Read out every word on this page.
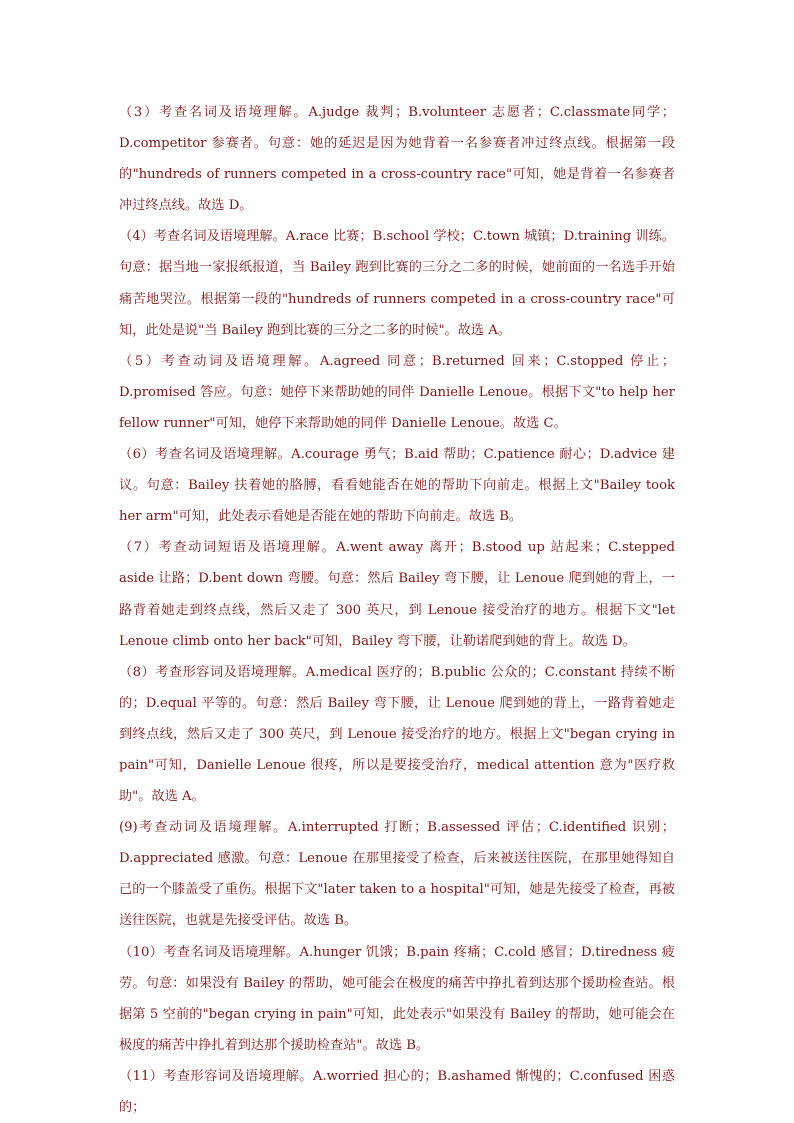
（3）考查名词及语境理解。A.judge 裁判；B.volunteer 志愿者；C.classmate同学；D.competitor 参赛者。句意：她的延迟是因为她背着一名参赛者冲过终点线。根据第一段的"hundreds of runners competed in a cross-country race"可知，她是背着一名参赛者冲过终点线。故选 D。

（4）考查名词及语境理解。A.race 比赛；B.school 学校；C.town 城镇；D.training 训练。句意：据当地一家报纸报道，当 Bailey 跑到比赛的三分之二多的时候，她前面的一名选手开始痛苦地哭泣。根据第一段的"hundreds of runners competed in a cross-country race"可知，此处是说"当 Bailey 跑到比赛的三分之二多的时候"。故选 A。

（5）考查动词及语境理解。A.agreed 同意；B.returned 回来；C.stopped 停止；D.promised 答应。句意：她停下来帮助她的同伴 Danielle Lenoue。根据下文"to help her fellow runner"可知，她停下来帮助她的同伴 Danielle Lenoue。故选 C。

（6）考查名词及语境理解。A.courage 勇气；B.aid 帮助；C.patience 耐心；D.advice 建议。句意：Bailey 扶着她的胳膊，看看她能否在她的帮助下向前走。根据上文"Bailey took her arm"可知，此处表示看她是否能在她的帮助下向前走。故选 B。

（7）考查动词短语及语境理解。A.went away 离开；B.stood up 站起来；C.stepped aside 让路；D.bent down 弯腰。句意：然后 Bailey 弯下腰，让 Lenoue 爬到她的背上，一路背着她走到终点线，然后又走了 300 英尺，到 Lenoue 接受治疗的地方。根据下文"let Lenoue climb onto her back"可知，Bailey 弯下腰，让勒诺爬到她的背上。故选 D。

（8）考查形容词及语境理解。A.medical 医疗的；B.public 公众的；C.constant 持续不断的；D.equal 平等的。句意：然后 Bailey 弯下腰，让 Lenoue 爬到她的背上，一路背着她走到终点线，然后又走了 300 英尺，到 Lenoue 接受治疗的地方。根据上文"began crying in pain"可知，Danielle Lenoue 很疼，所以是要接受治疗，medical attention 意为"医疗救助"。故选 A。

(9)考查动词及语境理解。A.interrupted 打断；B.assessed 评估；C.identified 识别；D.appreciated 感激。句意：Lenoue 在那里接受了检查，后来被送往医院，在那里她得知自己的一个膝盖受了重伤。根据下文"later taken to a hospital"可知，她是先接受了检查，再被送往医院，也就是先接受评估。故选 B。

（10）考查名词及语境理解。A.hunger 饥饿；B.pain 疼痛；C.cold 感冒；D.tiredness 疲劳。句意：如果没有 Bailey 的帮助，她可能会在极度的痛苦中挣扎着到达那个援助检查站。根据第 5 空前的"began crying in pain"可知，此处表示"如果没有 Bailey 的帮助，她可能会在极度的痛苦中挣扎着到达那个援助检查站"。故选 B。

（11）考查形容词及语境理解。A.worried 担心的；B.ashamed 惭愧的；C.confused 困惑的；
